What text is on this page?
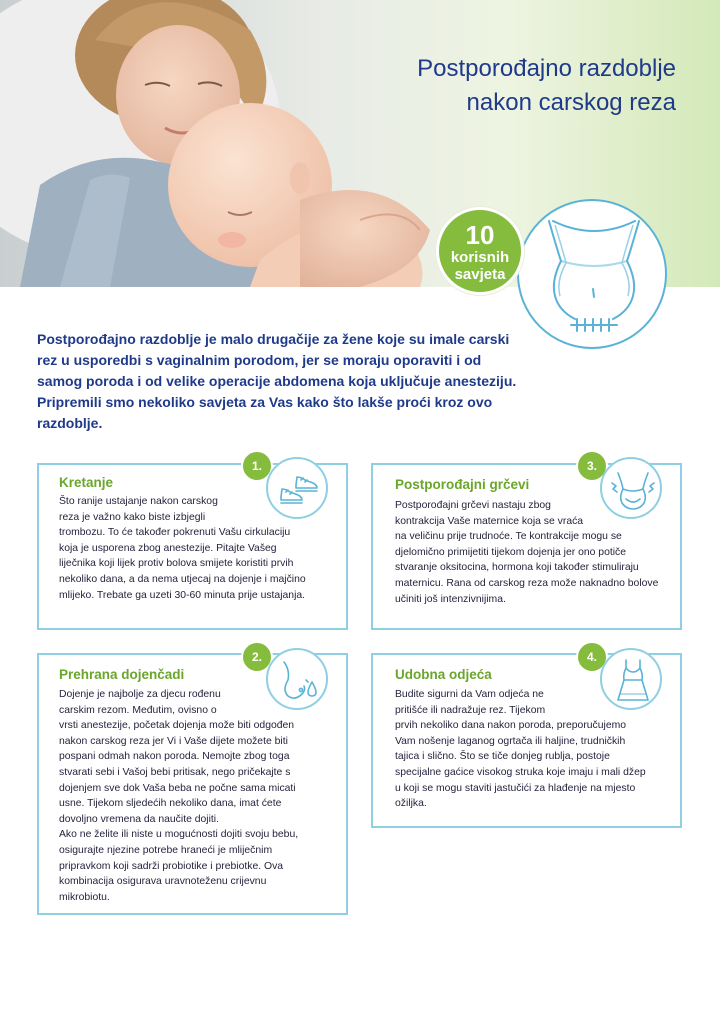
Postporođajno razdoblje
nakon carskog reza
10
korisnih
savjeta

Postporođajno razdoblje je malo drugačije za žene koje su imale carski rez u usporedbi s vaginalnim porodom, jer se moraju oporaviti i od samog poroda i od velike operacije abdomena koja uključuje anesteziju. Pripremili smo nekoliko savjeta za Vas kako što lakše proći kroz ovo razdoblje.

Kretanje
Što ranije ustajanje nakon carskog
reza je važno kako biste izbjegli
trombozu. To će također pokrenuti Vašu cirkulaciju
koja je usporena zbog anestezije. Pitajte Vašeg
liječnika koji lijek protiv bolova smijete koristiti prvih
nekoliko dana, a da nema utjecaj na dojenje i majčino
mlijeko. Trebate ga uzeti 30-60 minuta prije ustajanja.
1.
Postporođajni grčevi
Postporođajni grčevi nastaju zbog
kontrakcija Vaše maternice koja se vraća
na veličinu prije trudnoće. Te kontrakcije mogu se
djelomično primijetiti tijekom dojenja jer ono potiče
stvaranje oksitocina, hormona koji također stimuliraju
maternicu. Rana od carskog reza može naknadno bolove
učiniti još intenzivnijima.
3.
Prehrana dojenčadi
Dojenje je najbolje za djecu rođenu
carskim rezom. Međutim, ovisno o
vrsti anestezije, početak dojenja može biti odgođen
nakon carskog reza jer Vi i Vaše dijete možete biti
pospani odmah nakon poroda. Nemojte zbog toga
stvarati sebi i Vašoj bebi pritisak, nego pričekajte s
dojenjem sve dok Vaša beba ne počne sama micati
usne. Tijekom sljedećih nekoliko dana, imat ćete
dovoljno vremena da naučite dojiti.
Ako ne želite ili niste u mogućnosti dojiti svoju bebu,
osigurajte njezine potrebe hraneći je mliječnim
pripravkom koji sadrži probiotike i prebiotke. Ova
kombinacija osigurava uravnoteženu crijevnu
mikrobiotu.
2.
Udobna odjeća
Budite sigurni da Vam odjeća ne
pritišće ili nadražuje rez. Tijekom
prvih nekoliko dana nakon poroda, preporučujemo
Vam nošenje laganog ogrtača ili haljine, trudničkih
tajica i slično. Što se tiče donjeg rublja, postoje
specijalne gaćice visokog struka koje imaju i mali džep
u koji se mogu staviti jastučići za hlađenje na mjesto
ožiljka.
4.
